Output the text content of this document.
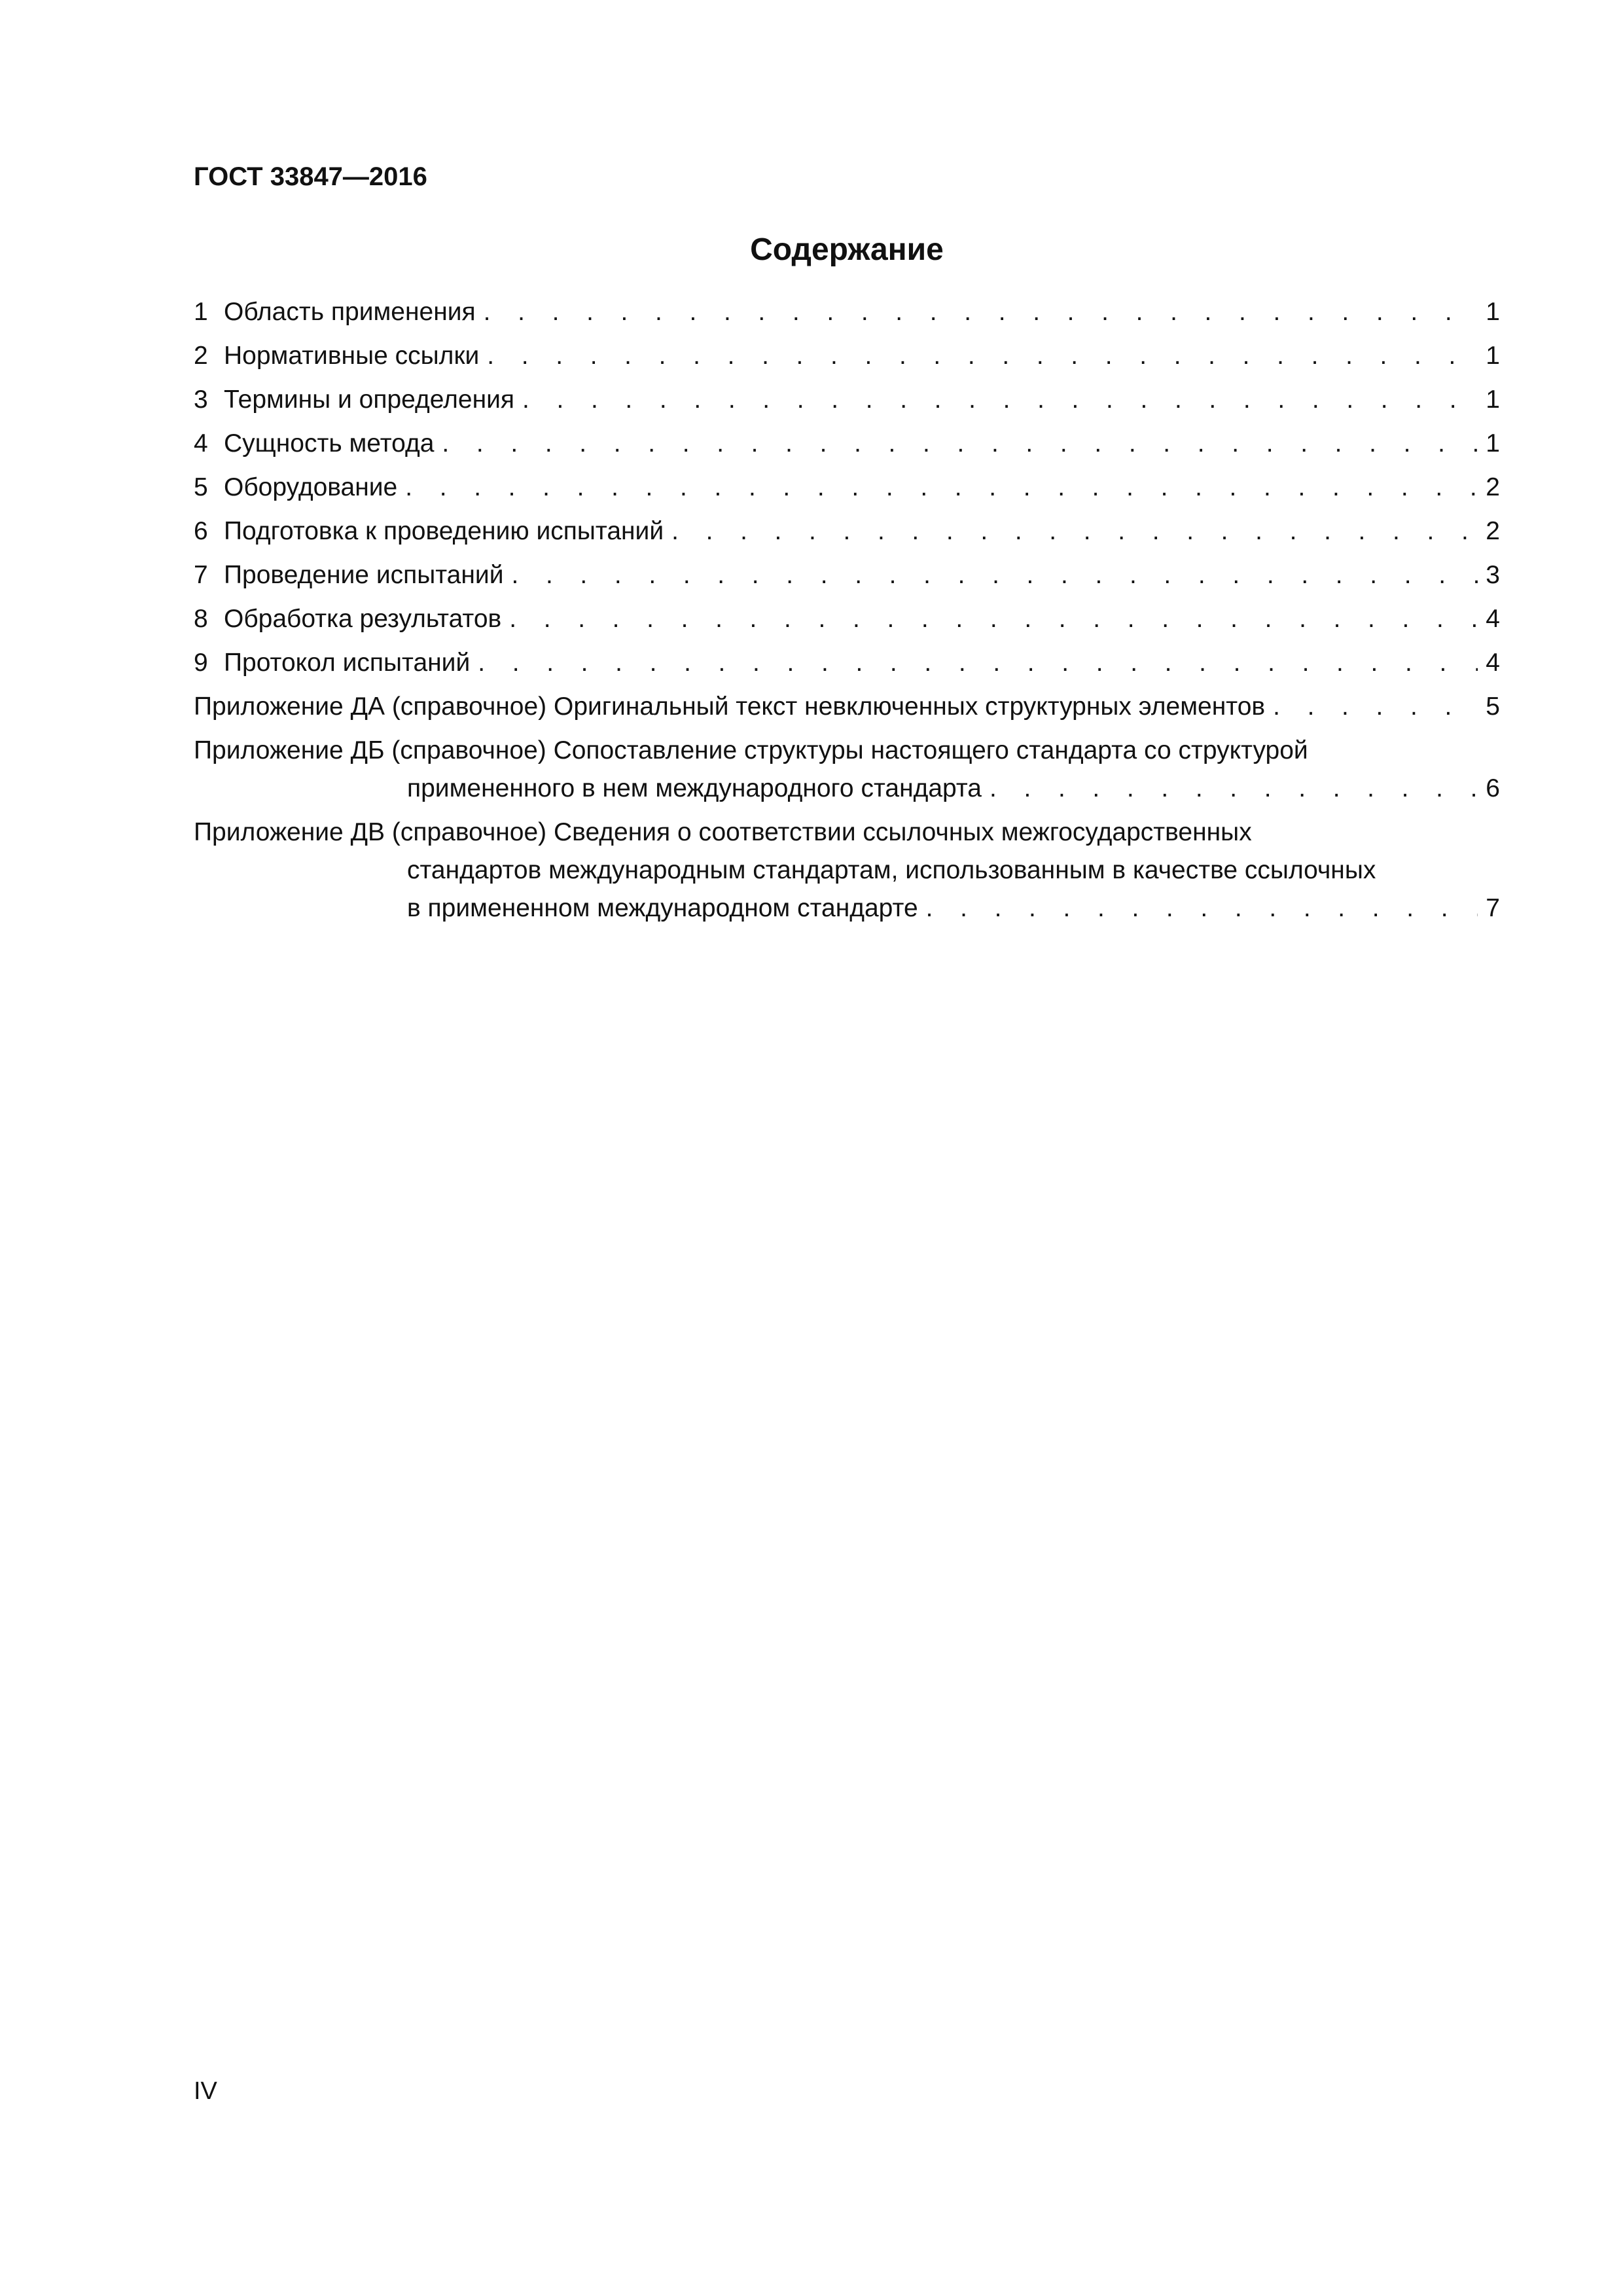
ГОСТ 33847—2016
Содержание
1 Область применения . . .	1
2 Нормативные ссылки . . .	1
3 Термины и определения . . .	1
4 Сущность метода . . .	1
5 Оборудование . . .	2
6 Подготовка к проведению испытаний . . .	2
7 Проведение испытаний . . .	3
8 Обработка результатов . . .	4
9 Протокол испытаний . . .	4
Приложение ДА (справочное) Оригинальный текст невключенных структурных элементов . . .	5
Приложение ДБ (справочное) Сопоставление структуры настоящего стандарта со структурой
примененного в нем международного стандарта . . .	6
Приложение ДВ (справочное) Сведения о соответствии ссылочных межгосударственных
стандартов международным стандартам, использованным в качестве ссылочных
в примененном международном стандарте . . .	7
IV
